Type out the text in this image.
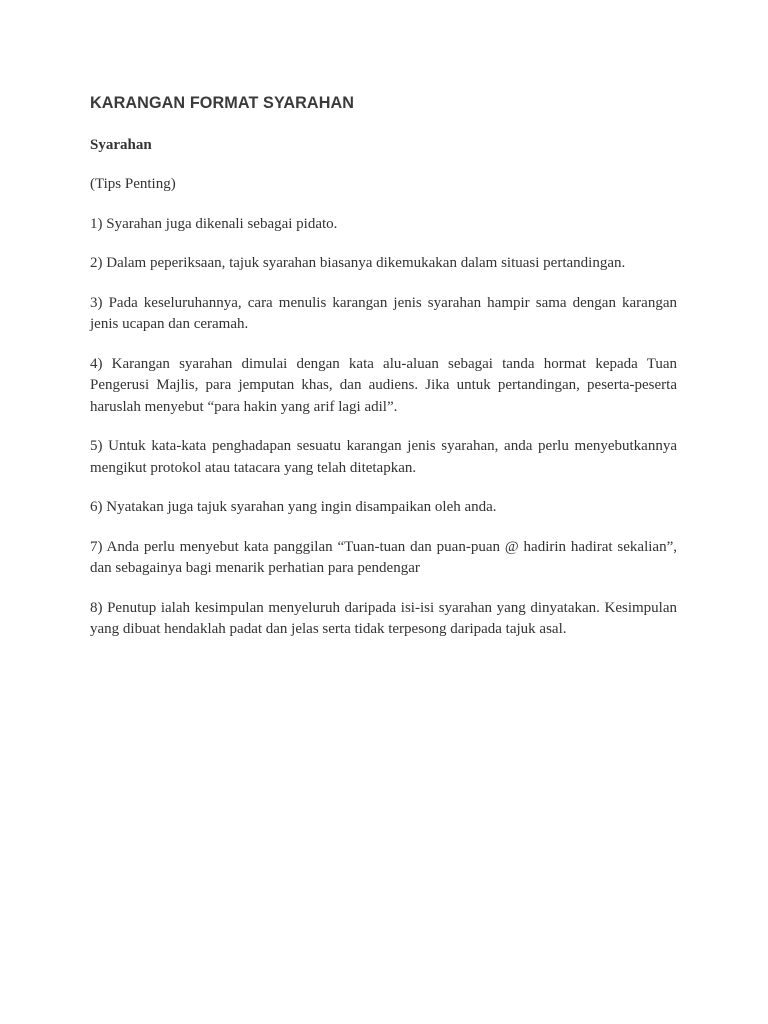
KARANGAN FORMAT SYARAHAN

Syarahan

(Tips Penting)

1) Syarahan juga dikenali sebagai pidato.

2) Dalam peperiksaan, tajuk syarahan biasanya dikemukakan dalam situasi pertandingan.

3) Pada keseluruhannya, cara menulis karangan jenis syarahan hampir sama dengan karangan jenis ucapan dan ceramah.

4) Karangan syarahan dimulai dengan kata alu-aluan sebagai tanda hormat kepada Tuan Pengerusi Majlis, para jemputan khas, dan audiens. Jika untuk pertandingan, peserta-peserta haruslah menyebut “para hakin yang arif lagi adil”.

5) Untuk kata-kata penghadapan sesuatu karangan jenis syarahan, anda perlu menyebutkannya mengikut protokol atau tatacara yang telah ditetapkan.

6) Nyatakan juga tajuk syarahan yang ingin disampaikan oleh anda.

7) Anda perlu menyebut kata panggilan “Tuan-tuan dan puan-puan @ hadirin hadirat sekalian”, dan sebagainya bagi menarik perhatian para pendengar

8) Penutup ialah kesimpulan menyeluruh daripada isi-isi syarahan yang dinyatakan. Kesimpulan yang dibuat hendaklah padat dan jelas serta tidak terpesong daripada tajuk asal.
